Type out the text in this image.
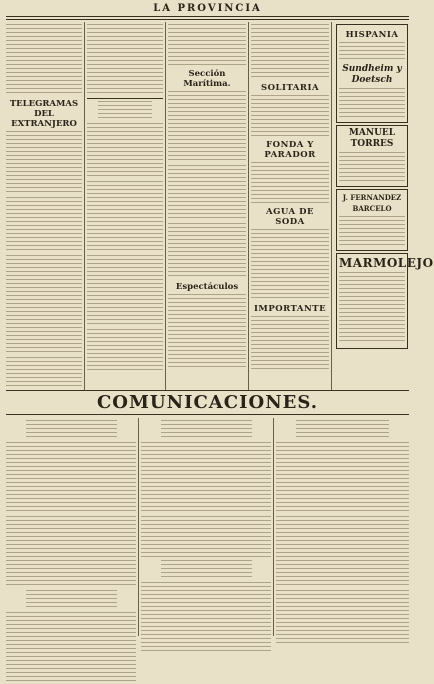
LA PROVINCIA
TELEGRAMAS DEL EXTRANJERO
Sección Marítima.
Espectáculos
SOLITARIA
FONDA Y PARADOR
AGUA DE SODA
IMPORTANTE
HISPANIA
Sundheim y Doetsch
MANUEL TORRES
J. FERNANDEZ BARCELO
MARMOLEJO
COMUNICACIONES.
